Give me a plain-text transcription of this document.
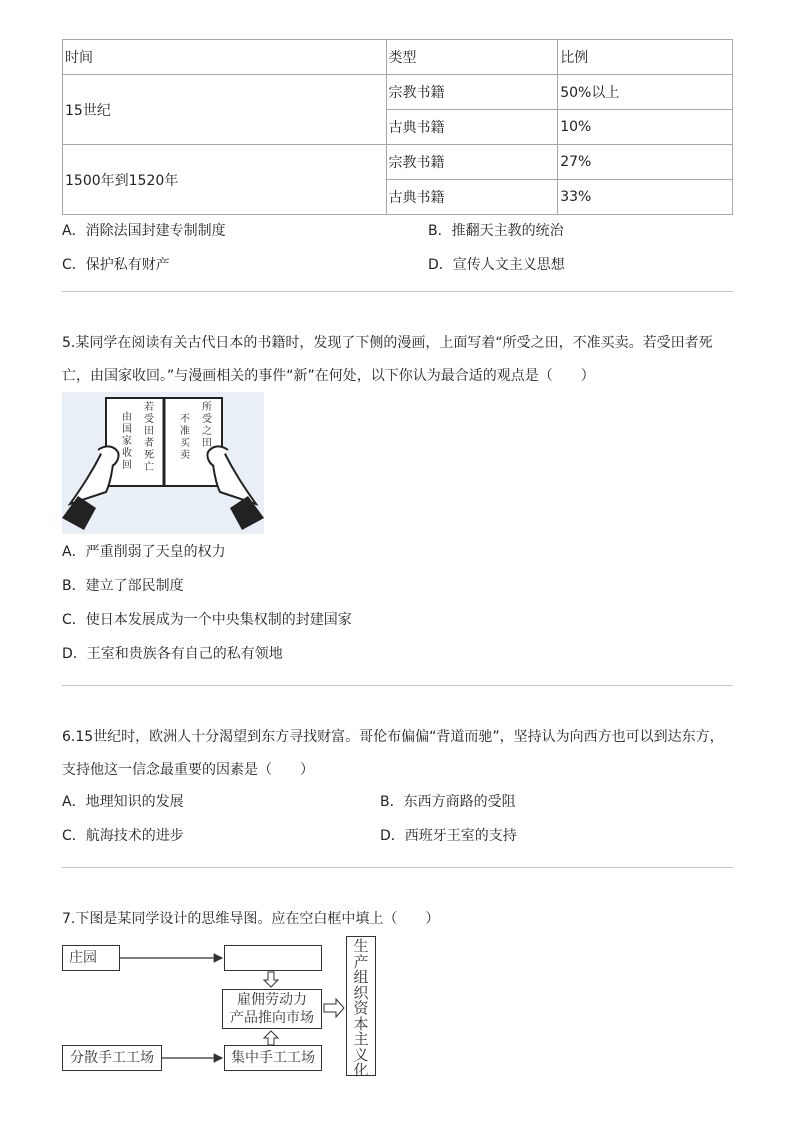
时间	类型	比例
15世纪	宗教书籍	50%以上
	古典书籍	10%
1500年到1520年	宗教书籍	27%
	古典书籍	33%
A．消除法国封建专制制度	B．推翻天主教的统治
C．保护私有财产	D．宣传人文主义思想
5.某同学在阅读有关古代日本的书籍时，发现了下侧的漫画，上面写着“所受之田，不准买卖。若受田者死
亡，由国家收回。”与漫画相关的事件“新”在何处，以下你认为最合适的观点是（　　）
所受之田
不准买卖
若受田者死亡
由国家收回
A．严重削弱了天皇的权力
B．建立了部民制度
C．使日本发展成为一个中央集权制的封建国家
D．王室和贵族各有自己的私有领地
6.15世纪时，欧洲人十分渴望到东方寻找财富。哥伦布偏偏“背道而驰”，坚持认为向西方也可以到达东方，
支持他这一信念最重要的因素是（　　）
A．地理知识的发展	B．东西方商路的受阻
C．航海技术的进步	D．西班牙王室的支持
7.下图是某同学设计的思维导图。应在空白框中填上（　　）
庄园
雇佣劳动力
产品推向市场
分散手工工场	集中手工工场
生产组织资本主义化
